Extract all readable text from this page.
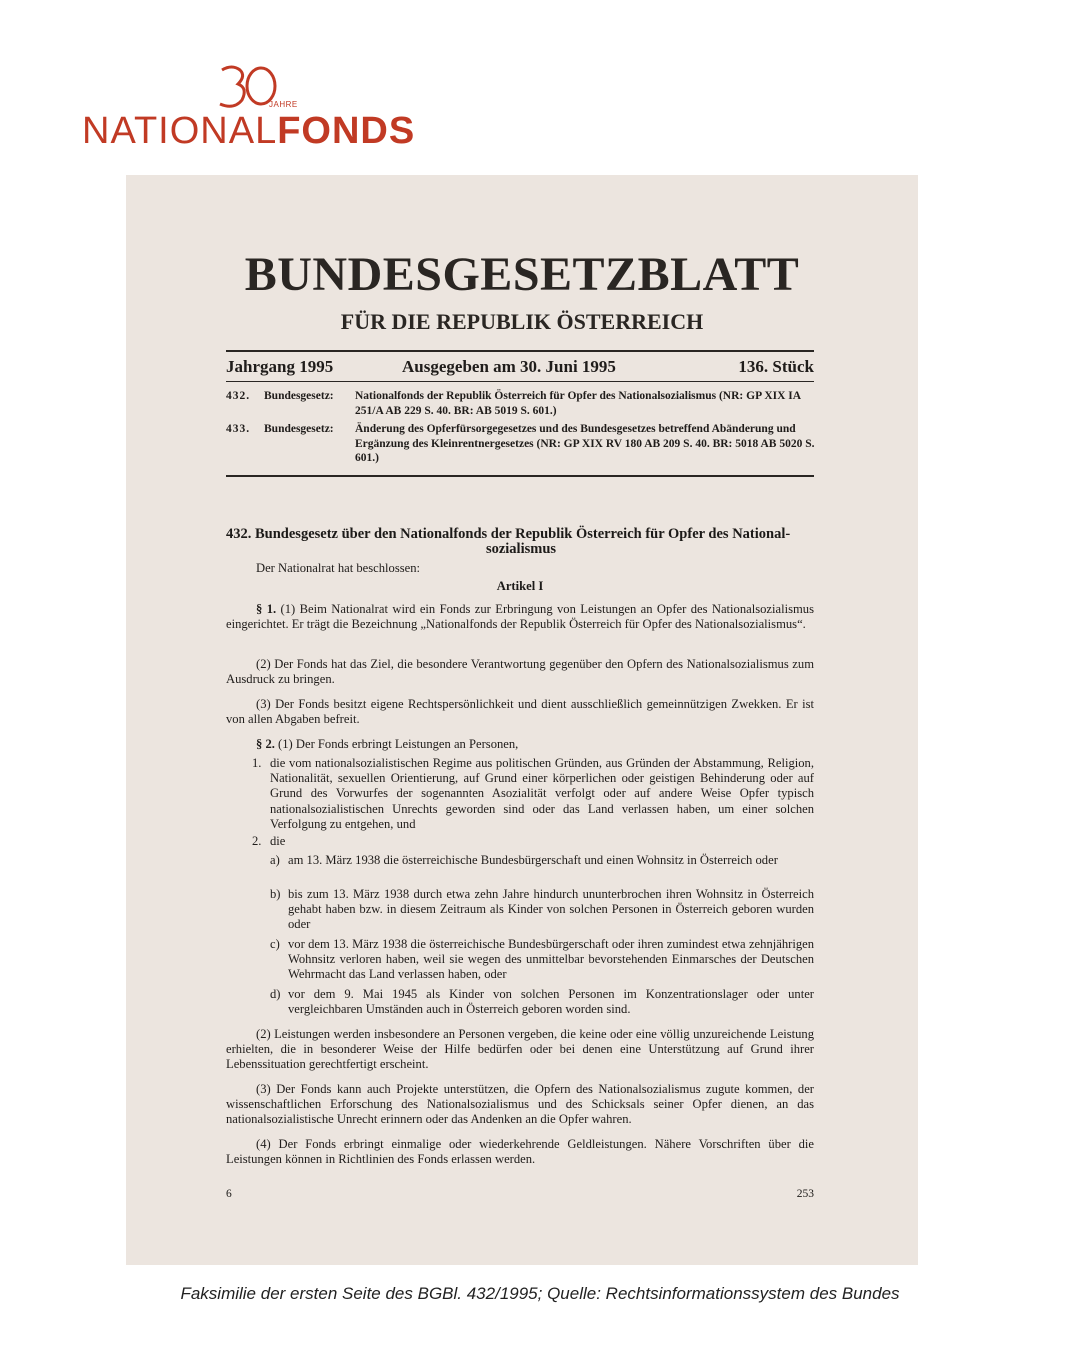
JAHRE
NATIONALFONDS
BUNDESGESETZBLATT
FÜR DIE REPUBLIK ÖSTERREICH
Jahrgang 1995	Ausgegeben am 30. Juni 1995	136. Stück
432. Bundesgesetz: Nationalfonds der Republik Österreich für Opfer des Nationalsozialismus (NR: GP XIX IA 251/A AB 229 S. 40. BR: AB 5019 S. 601.)
433. Bundesgesetz: Änderung des Opferfürsorgegesetzes und des Bundesgesetzes betreffend Abänderung und Ergänzung des Kleinrentnergesetzes (NR: GP XIX RV 180 AB 209 S. 40. BR: 5018 AB 5020 S. 601.)
432. Bundesgesetz über den Nationalfonds der Republik Österreich für Opfer des National-
sozialismus
Der Nationalrat hat beschlossen:
Artikel I
§ 1. (1) Beim Nationalrat wird ein Fonds zur Erbringung von Leistungen an Opfer des Nationalsozialismus eingerichtet. Er trägt die Bezeichnung „Nationalfonds der Republik Österreich für Opfer des Nationalsozialismus“.
(2) Der Fonds hat das Ziel, die besondere Verantwortung gegenüber den Opfern des Nationalsozialismus zum Ausdruck zu bringen.
(3) Der Fonds besitzt eigene Rechtspersönlichkeit und dient ausschließlich gemeinnützigen Zwekken. Er ist von allen Abgaben befreit.
§ 2. (1) Der Fonds erbringt Leistungen an Personen,
1. die vom nationalsozialistischen Regime aus politischen Gründen, aus Gründen der Abstammung, Religion, Nationalität, sexuellen Orientierung, auf Grund einer körperlichen oder geistigen Behinderung oder auf Grund des Vorwurfes der sogenannten Asozialität verfolgt oder auf andere Weise Opfer typisch nationalsozialistischen Unrechts geworden sind oder das Land verlassen haben, um einer solchen Verfolgung zu entgehen, und
2. die
a) am 13. März 1938 die österreichische Bundesbürgerschaft und einen Wohnsitz in Österreich oder
b) bis zum 13. März 1938 durch etwa zehn Jahre hindurch ununterbrochen ihren Wohnsitz in Österreich gehabt haben bzw. in diesem Zeitraum als Kinder von solchen Personen in Österreich geboren wurden oder
c) vor dem 13. März 1938 die österreichische Bundesbürgerschaft oder ihren zumindest etwa zehnjährigen Wohnsitz verloren haben, weil sie wegen des unmittelbar bevorstehenden Einmarsches der Deutschen Wehrmacht das Land verlassen haben, oder
d) vor dem 9. Mai 1945 als Kinder von solchen Personen im Konzentrationslager oder unter vergleichbaren Umständen auch in Österreich geboren worden sind.
(2) Leistungen werden insbesondere an Personen vergeben, die keine oder eine völlig unzureichende Leistung erhielten, die in besonderer Weise der Hilfe bedürfen oder bei denen eine Unterstützung auf Grund ihrer Lebenssituation gerechtfertigt erscheint.
(3) Der Fonds kann auch Projekte unterstützen, die Opfern des Nationalsozialismus zugute kommen, der wissenschaftlichen Erforschung des Nationalsozialismus und des Schicksals seiner Opfer dienen, an das nationalsozialistische Unrecht erinnern oder das Andenken an die Opfer wahren.
(4) Der Fonds erbringt einmalige oder wiederkehrende Geldleistungen. Nähere Vorschriften über die Leistungen können in Richtlinien des Fonds erlassen werden.
6	253
Faksimilie der ersten Seite des BGBl. 432/1995; Quelle: Rechtsinformationssystem des Bundes
